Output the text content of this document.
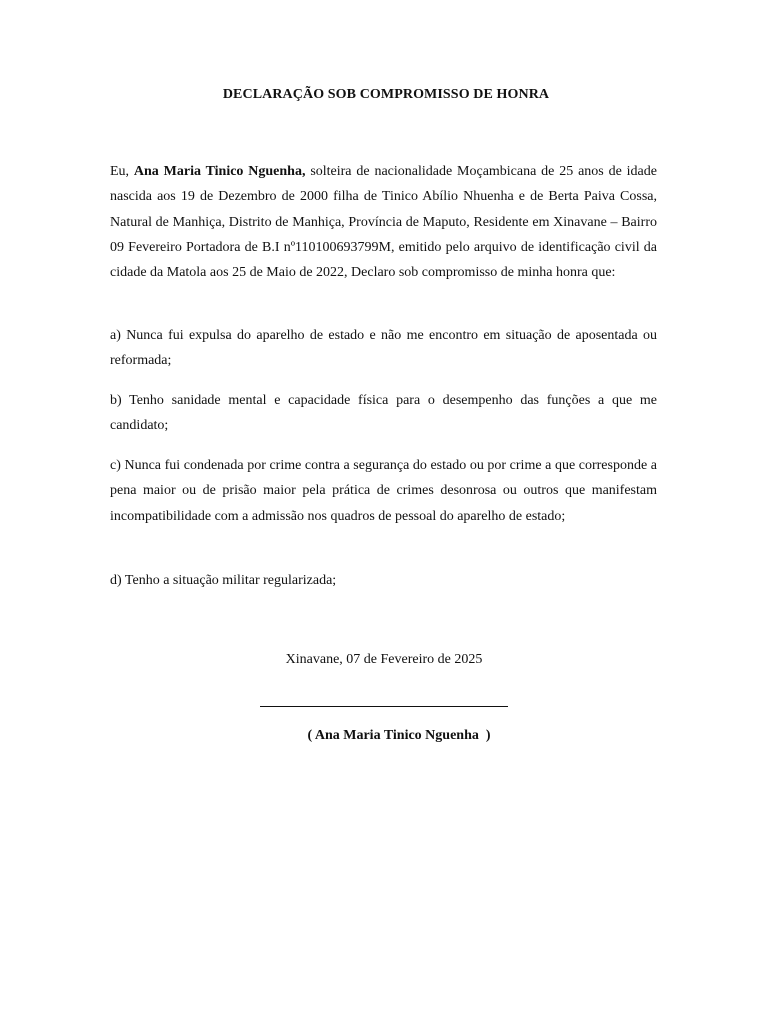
DECLARAÇÃO SOB COMPROMISSO DE HONRA

Eu, Ana Maria Tinico Nguenha, solteira de nacionalidade Moçambicana de 25 anos de idade nascida aos 19 de Dezembro de 2000 filha de Tinico Abílio Nhuenha e de Berta Paiva Cossa, Natural de Manhiça, Distrito de Manhiça, Província de Maputo, Residente em Xinavane – Bairro 09 Fevereiro Portadora de B.I nº110100693799M, emitido pelo arquivo de identificação civil da cidade da Matola aos 25 de Maio de 2022, Declaro sob compromisso de minha honra que:

a) Nunca fui expulsa do aparelho de estado e não me encontro em situação de aposentada ou reformada;

b) Tenho sanidade mental e capacidade física para o desempenho das funções a que me candidato;

c) Nunca fui condenada por crime contra a segurança do estado ou por crime a que corresponde a pena maior ou de prisão maior pela prática de crimes desonrosa ou outros que manifestam incompatibilidade com a admissão nos quadros de pessoal do aparelho de estado;

d) Tenho a situação militar regularizada;

Xinavane, 07 de Fevereiro de 2025
( Ana Maria Tinico Nguenha  )
